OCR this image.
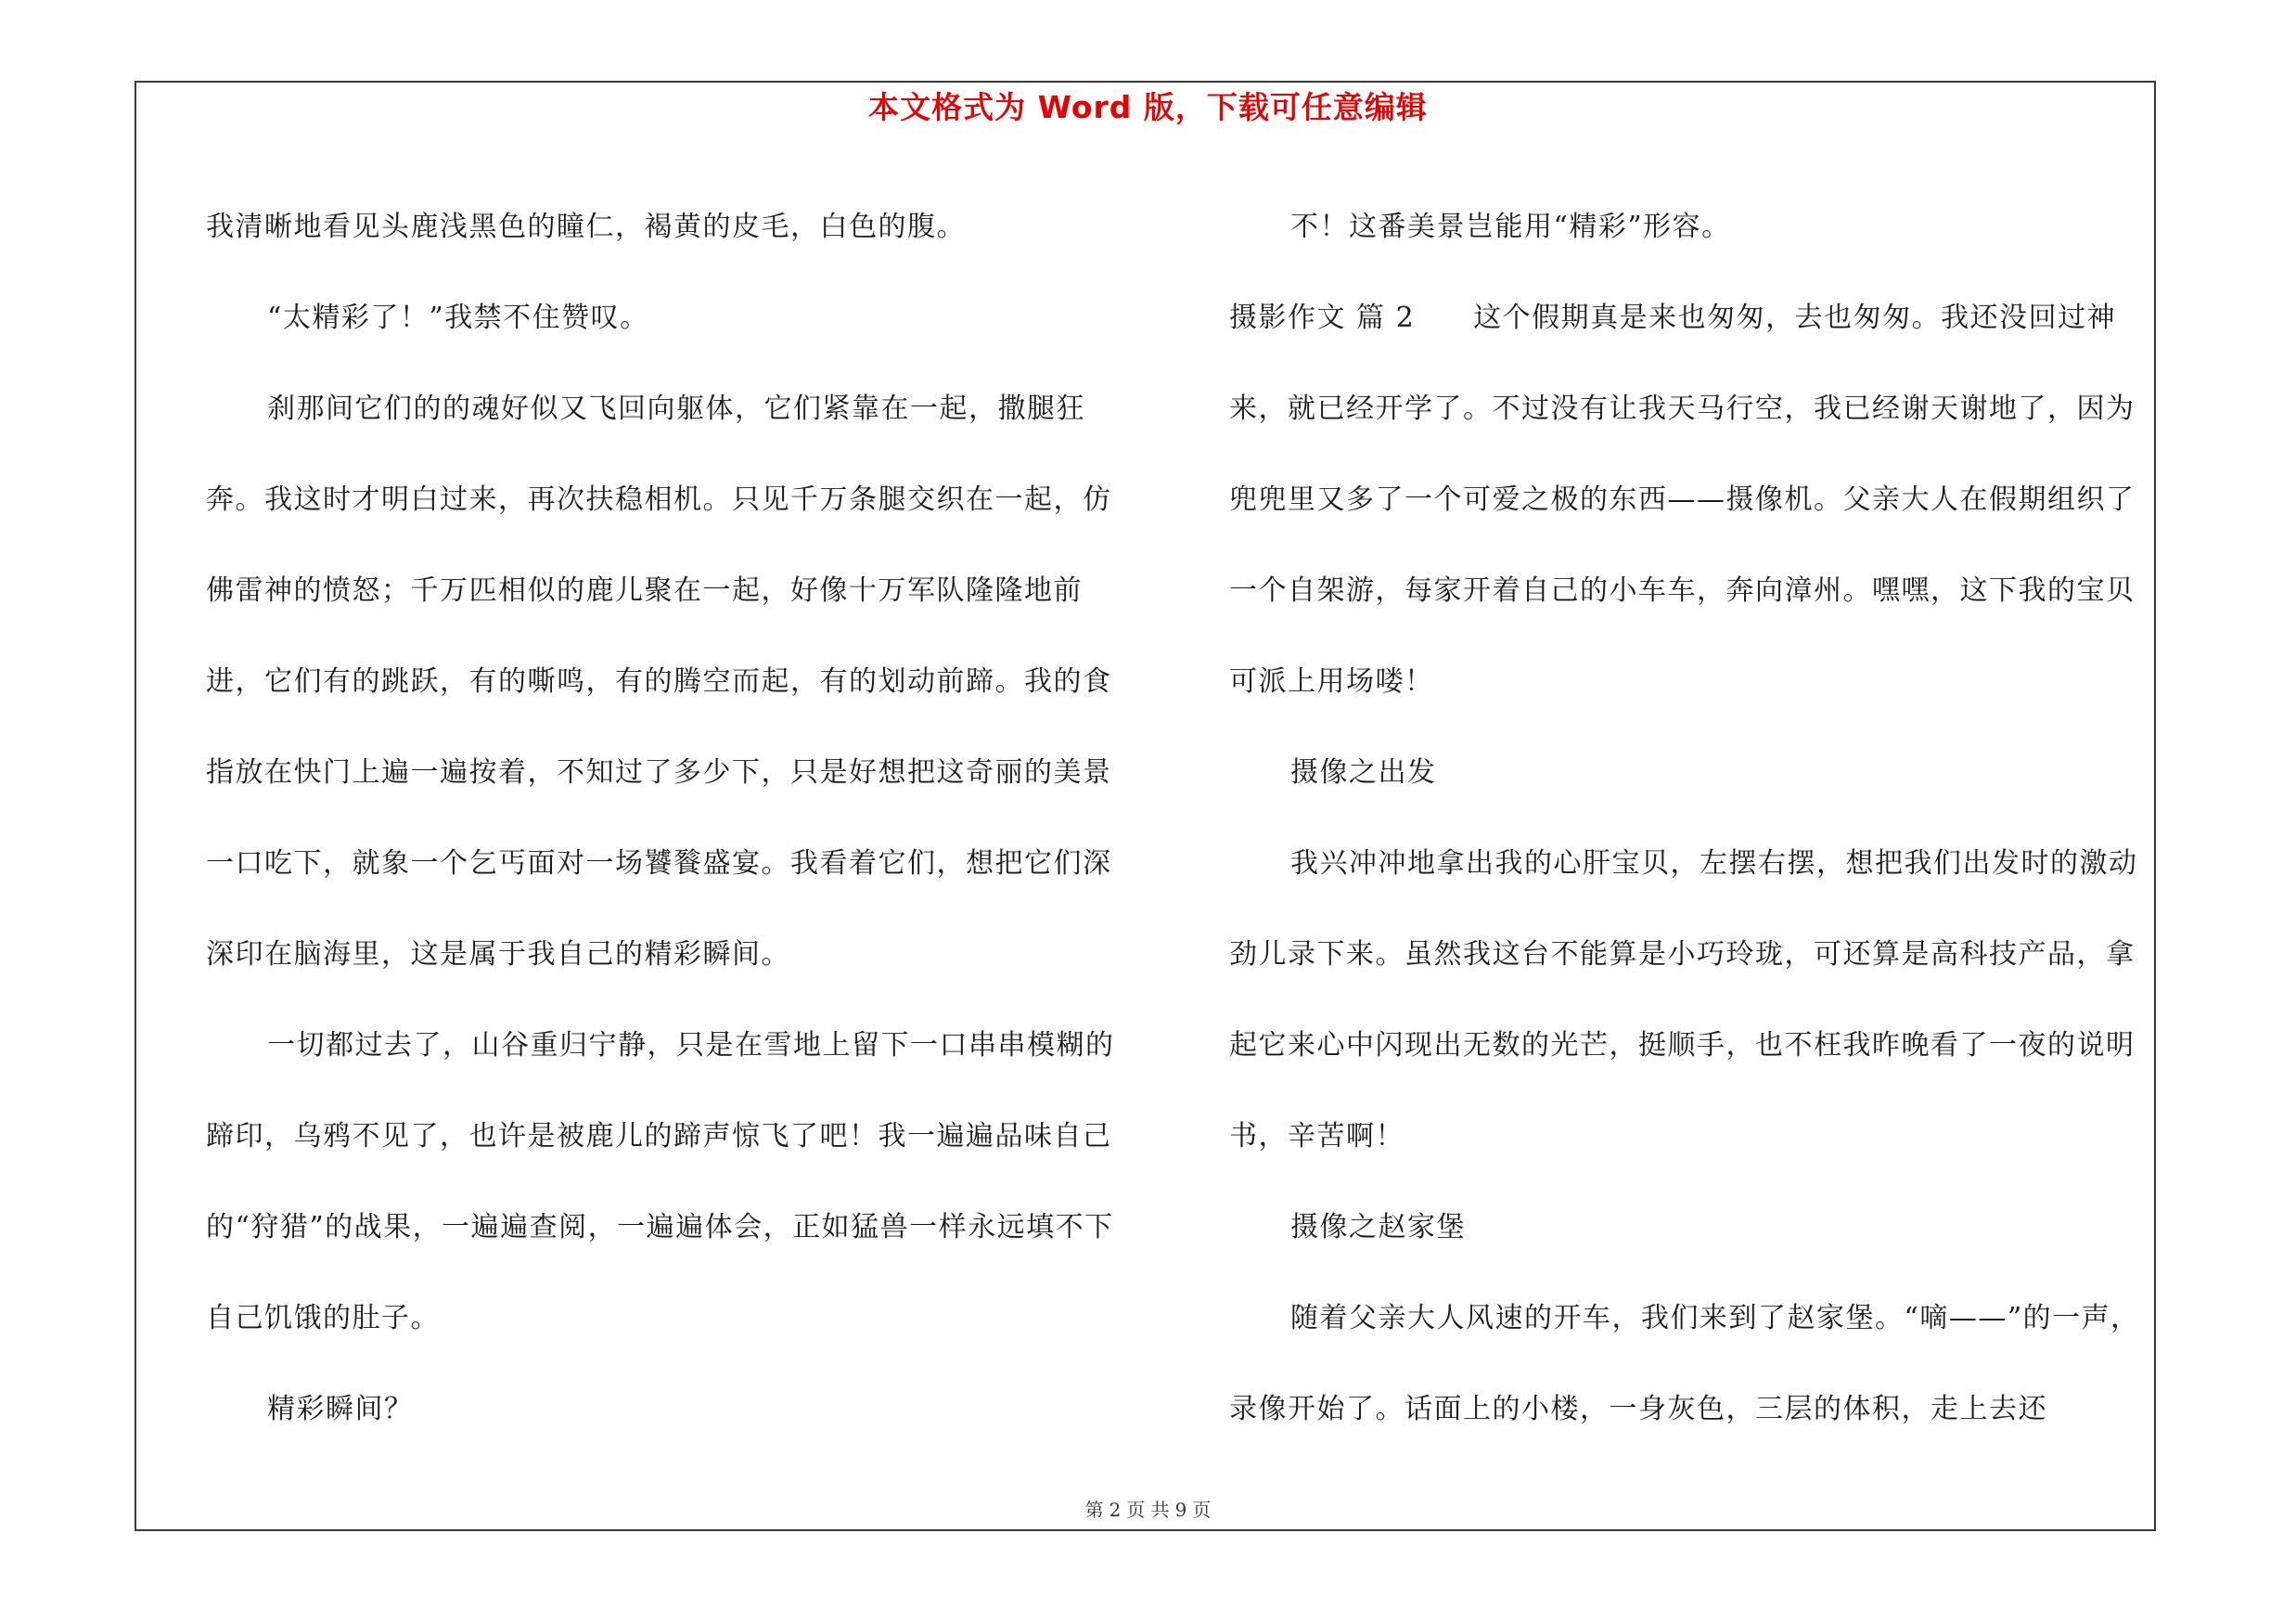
本文格式为 Word 版，下载可任意编辑

我清晰地看见头鹿浅黑色的瞳仁，褐黄的皮毛，白色的腹。

“太精彩了！”我禁不住赞叹。

刹那间它们的的魂好似又飞回向躯体，它们紧靠在一起，撒腿狂奔。我这时才明白过来，再次扶稳相机。只见千万条腿交织在一起，仿佛雷神的愤怒；千万匹相似的鹿儿聚在一起，好像十万军队隆隆地前进，它们有的跳跃，有的嘶鸣，有的腾空而起，有的划动前蹄。我的食指放在快门上遍一遍按着，不知过了多少下，只是好想把这奇丽的美景一口吃下，就象一个乞丐面对一场饕餮盛宴。我看着它们，想把它们深深印在脑海里，这是属于我自己的精彩瞬间。

一切都过去了，山谷重归宁静，只是在雪地上留下一口串串模糊的蹄印，乌鸦不见了，也许是被鹿儿的蹄声惊飞了吧！我一遍遍品味自己的“狩猎”的战果，一遍遍查阅，一遍遍体会，正如猛兽一样永远填不下自己饥饿的肚子。

精彩瞬间？

不！这番美景岂能用“精彩”形容。

摄影作文 篇 2　　这个假期真是来也匆匆，去也匆匆。我还没回过神来，就已经开学了。不过没有让我天马行空，我已经谢天谢地了，因为兜兜里又多了一个可爱之极的东西——摄像机。父亲大人在假期组织了一个自架游，每家开着自己的小车车，奔向漳州。嘿嘿，这下我的宝贝可派上用场喽！

摄像之出发

我兴冲冲地拿出我的心肝宝贝，左摆右摆，想把我们出发时的激动劲儿录下来。虽然我这台不能算是小巧玲珑，可还算是高科技产品，拿起它来心中闪现出无数的光芒，挺顺手，也不枉我昨晚看了一夜的说明书，辛苦啊！

摄像之赵家堡

随着父亲大人风速的开车，我们来到了赵家堡。“嘀——”的一声，录像开始了。话面上的小楼，一身灰色，三层的体积，走上去还

第 2 页 共 9 页
